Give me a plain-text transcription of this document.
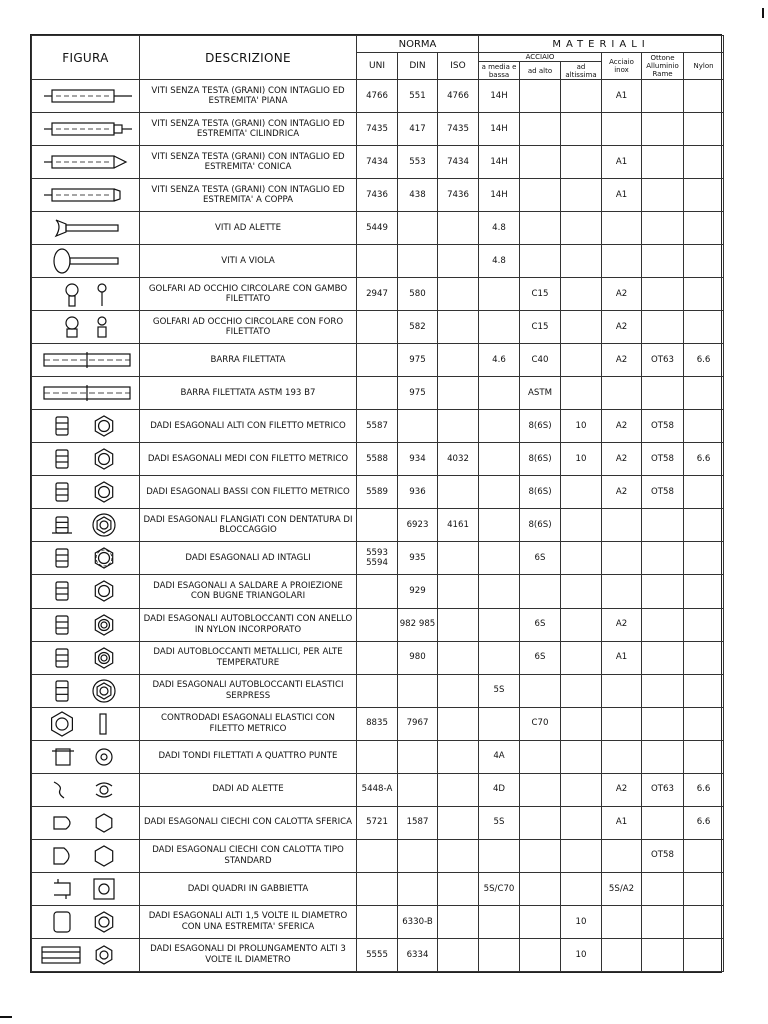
FIGURA	DESCRIZIONE	NORMA			MATERIALI					
		UNI	DIN	ISO	ACCIAIO			Acciaio inox	Ottone Alluminio Rame	Nylon
					a media e bassa	ad alto	ad altissima			

	VITI SENZA TESTA (GRANI) CON INTAGLIO ED ESTREMITA' PIANA	4766	551	4766	14H			A1		

	VITI SENZA TESTA (GRANI) CON INTAGLIO ED ESTREMITA' CILINDRICA	7435	417	7435	14H					

	VITI SENZA TESTA (GRANI) CON INTAGLIO ED ESTREMITA' CONICA	7434	553	7434	14H			A1		

	VITI SENZA TESTA (GRANI) CON INTAGLIO ED ESTREMITA' A COPPA	7436	438	7436	14H			A1		

	VITI AD ALETTE	5449			4.8					

	VITI A VIOLA				4.8					

	GOLFARI AD OCCHIO CIRCOLARE CON GAMBO FILETTATO	2947	580			C15		A2		

	GOLFARI AD OCCHIO CIRCOLARE CON FORO FILETTATO		582			C15		A2		

	BARRA FILETTATA		975		4.6	C40		A2	OT63	6.6

	BARRA FILETTATA ASTM 193 B7		975			ASTM				

	DADI ESAGONALI ALTI CON FILETTO METRICO	5587				8(6S)	10	A2	OT58	

	DADI ESAGONALI MEDI CON FILETTO METRICO	5588	934	4032		8(6S)	10	A2	OT58	6.6

	DADI ESAGONALI BASSI CON FILETTO METRICO	5589	936			8(6S)		A2	OT58	

	DADI ESAGONALI FLANGIATI CON DENTATURA DI BLOCCAGGIO		6923	4161		8(6S)				

	DADI ESAGONALI AD INTAGLI	5593 5594	935			6S				

	DADI ESAGONALI A SALDARE A PROIEZIONE CON BUGNE TRIANGOLARI		929							

	DADI ESAGONALI AUTOBLOCCANTI CON ANELLO IN NYLON INCORPORATO		982 985			6S		A2		

	DADI AUTOBLOCCANTI METALLICI, PER ALTE TEMPERATURE		980			6S		A1		

	DADI ESAGONALI AUTOBLOCCANTI ELASTICI SERPRESS				5S					

	CONTRODADI ESAGONALI ELASTICI CON FILETTO METRICO	8835	7967			C70				

	DADI TONDI FILETTATI A QUATTRO PUNTE				4A					

	DADI AD ALETTE	5448-A			4D			A2	OT63	6.6

	DADI ESAGONALI CIECHI CON CALOTTA SFERICA	5721	1587		5S			A1		6.6

	DADI ESAGONALI CIECHI CON CALOTTA TIPO STANDARD								OT58	

	DADI QUADRI IN GABBIETTA				5S/C70			5S/A2		

	DADI ESAGONALI ALTI 1,5 VOLTE IL DIAMETRO CON UNA ESTREMITA' SFERICA		6330-B				10			

	DADI ESAGONALI DI PROLUNGAMENTO ALTI 3 VOLTE IL DIAMETRO	5555	6334				10			
